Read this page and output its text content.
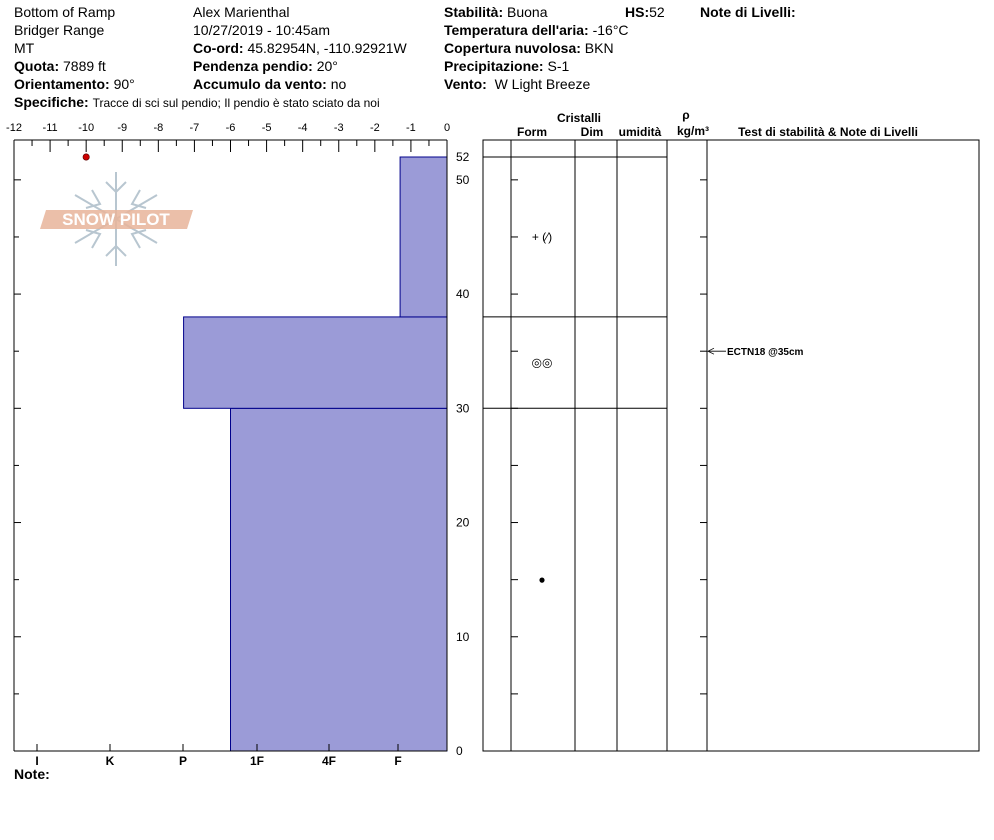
Bottom of Ramp
Bridger Range
MT
Quota: 7889 ft
Orientamento: 90°
Specifiche: Tracce di sci sul pendio; Il pendio è stato sciato da noi
Alex Marienthal
10/27/2019 - 10:45am
Co-ord: 45.82954N, -110.92921W
Pendenza pendio: 20°
Accumulo da vento: no
Stabilità: Buona	HS:52	Note di Livelli:
Temperatura dell'aria: -16°C
Copertura nuvolosa: BKN
Precipitazione: S-1
Vento: W Light Breeze
Note:
SNOW PILOT
-12 -11 -10 -9 -8 -7 -6 -5 -4 -3 -2 -1	0
0
10
20
30
40
50
52
I	K	P	1F	4F	F
Cristalli
Form	Dim umidità
ρ
kg/m³ Test di stabilità & Note di Livelli
+ (⁄)
◎◎
●
ECTN18 @35cm
